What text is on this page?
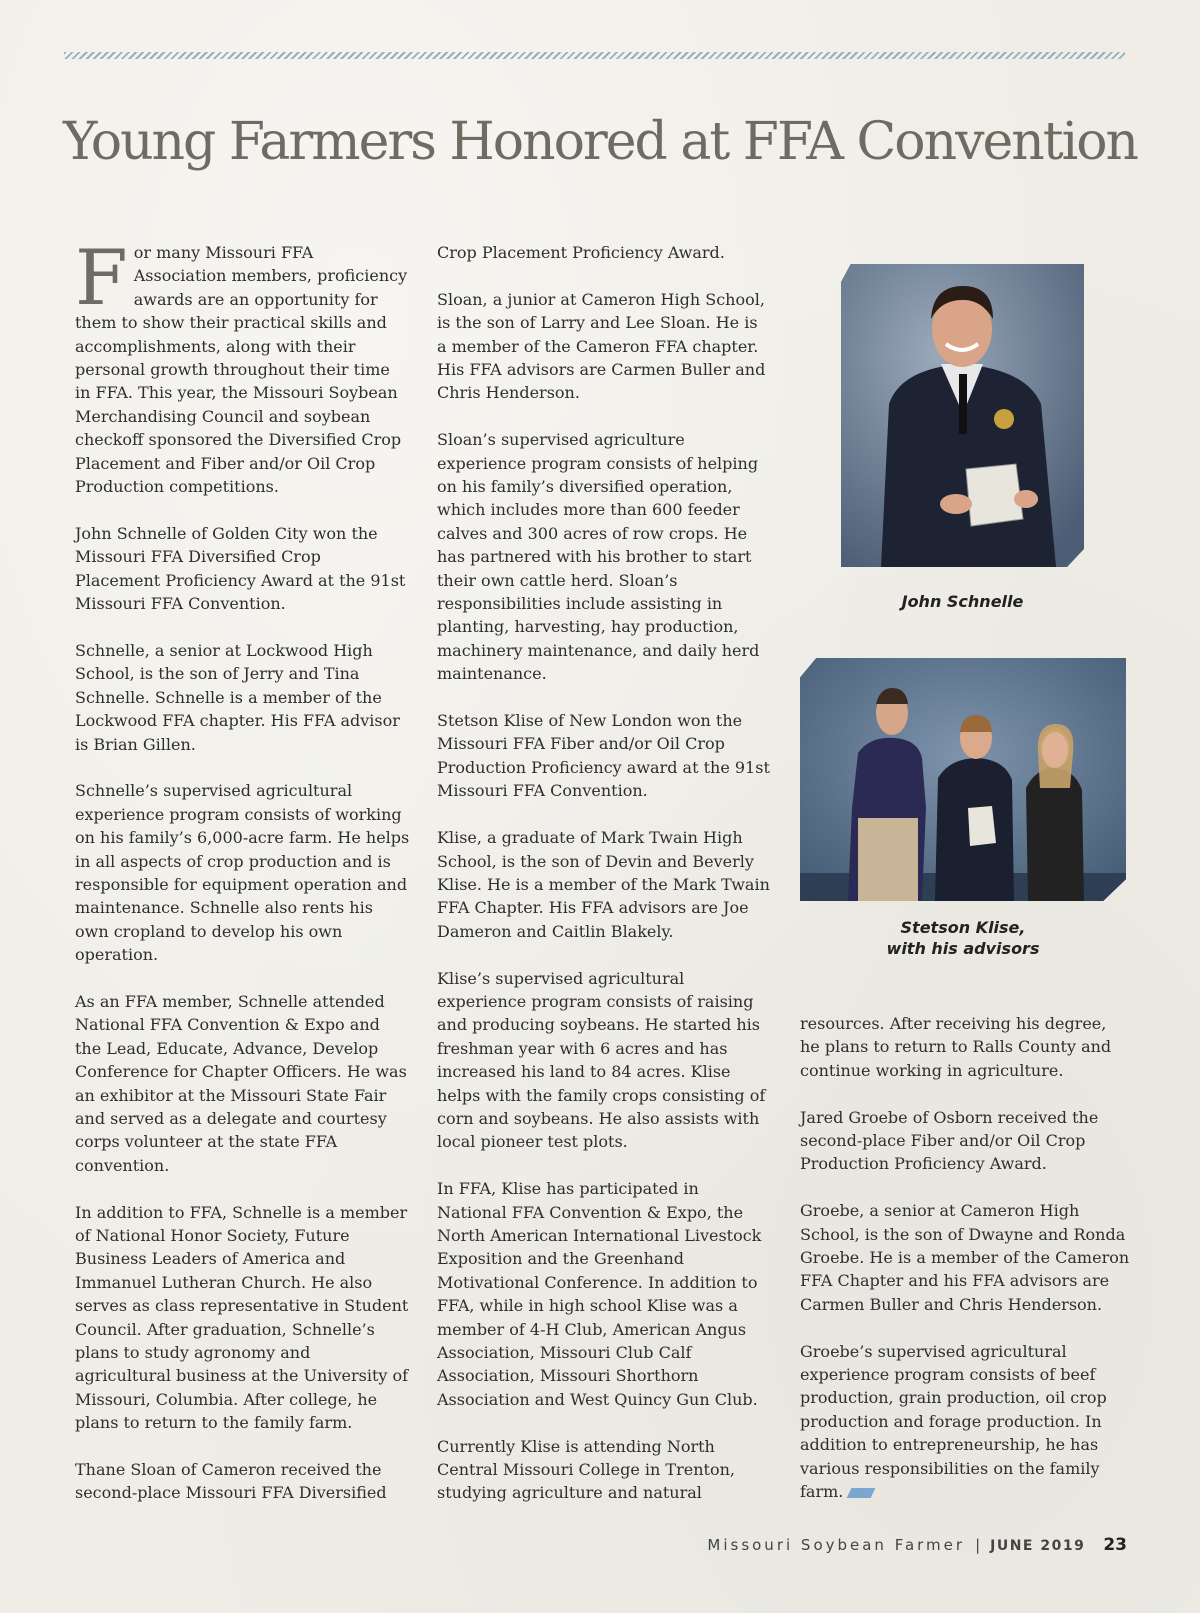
Young Farmers Honored at FFA Convention

For many Missouri FFA Association members, proficiency awards are an opportunity for them to show their practical skills and accomplishments, along with their personal growth throughout their time in FFA. This year, the Missouri Soybean Merchandising Council and soybean checkoff sponsored the Diversified Crop Placement and Fiber and/or Oil Crop Production competitions.

John Schnelle of Golden City won the Missouri FFA Diversified Crop Placement Proficiency Award at the 91st Missouri FFA Convention.

Schnelle, a senior at Lockwood High School, is the son of Jerry and Tina Schnelle. Schnelle is a member of the Lockwood FFA chapter. His FFA advisor is Brian Gillen.

Schnelle’s supervised agricultural experience program consists of working on his family’s 6,000-acre farm. He helps in all aspects of crop production and is responsible for equipment operation and maintenance. Schnelle also rents his own cropland to develop his own operation.

As an FFA member, Schnelle attended National FFA Convention & Expo and the Lead, Educate, Advance, Develop Conference for Chapter Officers. He was an exhibitor at the Missouri State Fair and served as a delegate and courtesy corps volunteer at the state FFA convention.

In addition to FFA, Schnelle is a member of National Honor Society, Future Business Leaders of America and Immanuel Lutheran Church. He also serves as class representative in Student Council. After graduation, Schnelle’s plans to study agronomy and agricultural business at the University of Missouri, Columbia. After college, he plans to return to the family farm.

Thane Sloan of Cameron received the second-place Missouri FFA Diversified

Crop Placement Proficiency Award.

Sloan, a junior at Cameron High School, is the son of Larry and Lee Sloan. He is a member of the Cameron FFA chapter. His FFA advisors are Carmen Buller and Chris Henderson.

Sloan’s supervised agriculture experience program consists of helping on his family’s diversified operation, which includes more than 600 feeder calves and 300 acres of row crops. He has partnered with his brother to start their own cattle herd. Sloan’s responsibilities include assisting in planting, harvesting, hay production, machinery maintenance, and daily herd maintenance.

Stetson Klise of New London won the Missouri FFA Fiber and/or Oil Crop Production Proficiency award at the 91st Missouri FFA Convention.

Klise, a graduate of Mark Twain High School, is the son of Devin and Beverly Klise. He is a member of the Mark Twain FFA Chapter. His FFA advisors are Joe Dameron and Caitlin Blakely.

Klise’s supervised agricultural experience program consists of raising and producing soybeans. He started his freshman year with 6 acres and has increased his land to 84 acres. Klise helps with the family crops consisting of corn and soybeans. He also assists with local pioneer test plots.

In FFA, Klise has participated in National FFA Convention & Expo, the North American International Livestock Exposition and the Greenhand Motivational Conference. In addition to FFA, while in high school Klise was a member of 4-H Club, American Angus Association, Missouri Club Calf Association, Missouri Shorthorn Association and West Quincy Gun Club.

Currently Klise is attending North Central Missouri College in Trenton, studying agriculture and natural

John Schnelle
Stetson Klise,
with his advisors

resources. After receiving his degree, he plans to return to Ralls County and continue working in agriculture.

Jared Groebe of Osborn received the second-place Fiber and/or Oil Crop Production Proficiency Award.

Groebe, a senior at Cameron High School, is the son of Dwayne and Ronda Groebe. He is a member of the Cameron FFA Chapter and his FFA advisors are Carmen Buller and Chris Henderson.

Groebe’s supervised agricultural experience program consists of beef production, grain production, oil crop production and forage production. In addition to entrepreneurship, he has various responsibilities on the family farm.

Missouri Soybean Farmer | JUNE 2019 23
